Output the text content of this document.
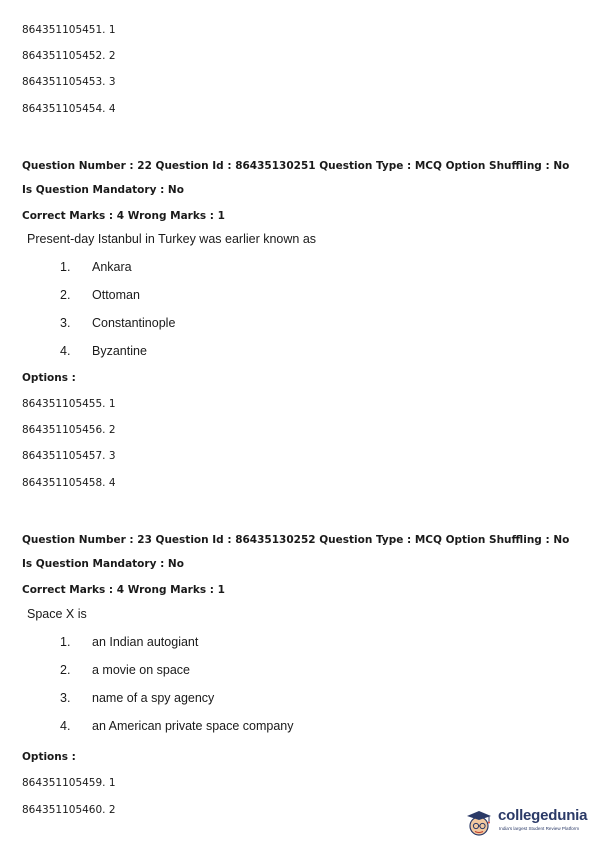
864351105451. 1
864351105452. 2
864351105453. 3
864351105454. 4
Question Number : 22 Question Id : 86435130251 Question Type : MCQ Option Shuffling : No
Is Question Mandatory : No
Correct Marks : 4 Wrong Marks : 1
Present-day Istanbul in Turkey was earlier known as
1. Ankara
2. Ottoman
3. Constantinople
4. Byzantine
Options :
864351105455. 1
864351105456. 2
864351105457. 3
864351105458. 4
Question Number : 23 Question Id : 86435130252 Question Type : MCQ Option Shuffling : No
Is Question Mandatory : No
Correct Marks : 4 Wrong Marks : 1
Space X is
1. an Indian autogiant
2. a movie on space
3. name of a spy agency
4. an American private space company
Options :
864351105459. 1
864351105460. 2	collegedunia
India's largest Student Review Platform
